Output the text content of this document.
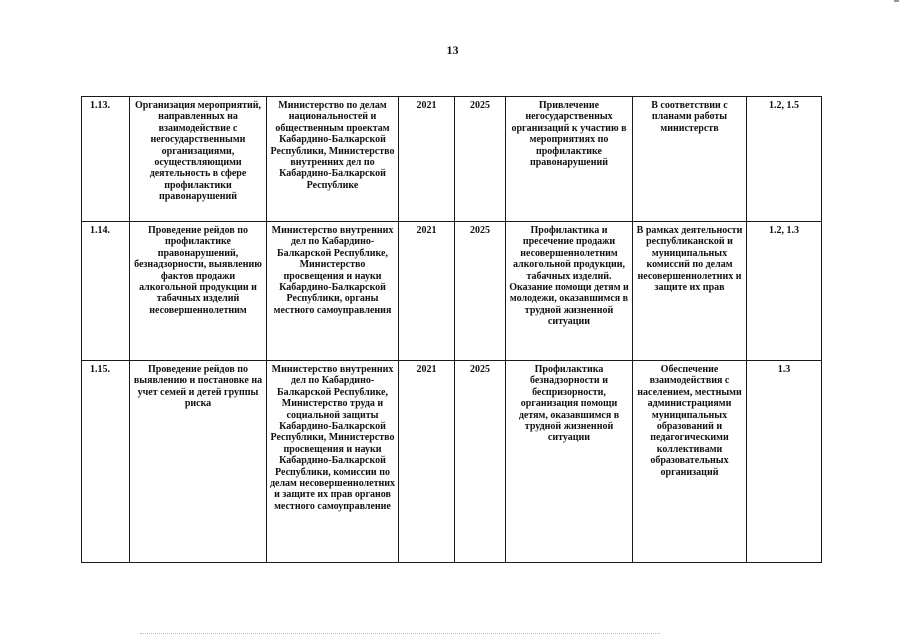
13
1.13.	Организация мероприятий, направленных на взаимодействие с негосударственными организациями, осуществляющими деятельность в сфере профилактики правонарушений	Министерство по делам национальностей и общественным проектам Кабардино-Балкарской Республики, Министерство внутренних дел по Кабардино-Балкарской Республике	2021	2025	Привлечение негосударственных организаций к участию в мероприятиях по профилактике правонарушений	В соответствии с планами работы министерств	1.2, 1.5
1.14.	Проведение рейдов по профилактике правонарушений, безнадзорности, выявлению фактов продажи алкогольной продукции и табачных изделий несовершеннолетним	Министерство внутренних дел по Кабардино-Балкарской Республике, Министерство просвещения и науки Кабардино-Балкарской Республики, органы местного самоуправления	2021	2025	Профилактика и пресечение продажи несовершеннолетним алкогольной продукции, табачных изделий. Оказание помощи детям и молодежи, оказавшимся в трудной жизненной ситуации	В рамках деятельности республиканской и муниципальных комиссий по делам несовершеннолетних и защите их прав	1.2, 1.3
1.15.	Проведение рейдов по выявлению и постановке на учет семей и детей группы риска	Министерство внутренних дел по Кабардино-Балкарской Республике, Министерство труда и социальной защиты Кабардино-Балкарской Республики, Министерство просвещения и науки Кабардино-Балкарской Республики, комиссии по делам несовершеннолетних и защите их прав органов местного самоуправление	2021	2025	Профилактика безнадзорности и беспризорности, организация помощи детям, оказавшимся в трудной жизненной ситуации	Обеспечение взаимодействия с населением, местными администрациями муниципальных образований и педагогическими коллективами образовательных организаций	1.3
